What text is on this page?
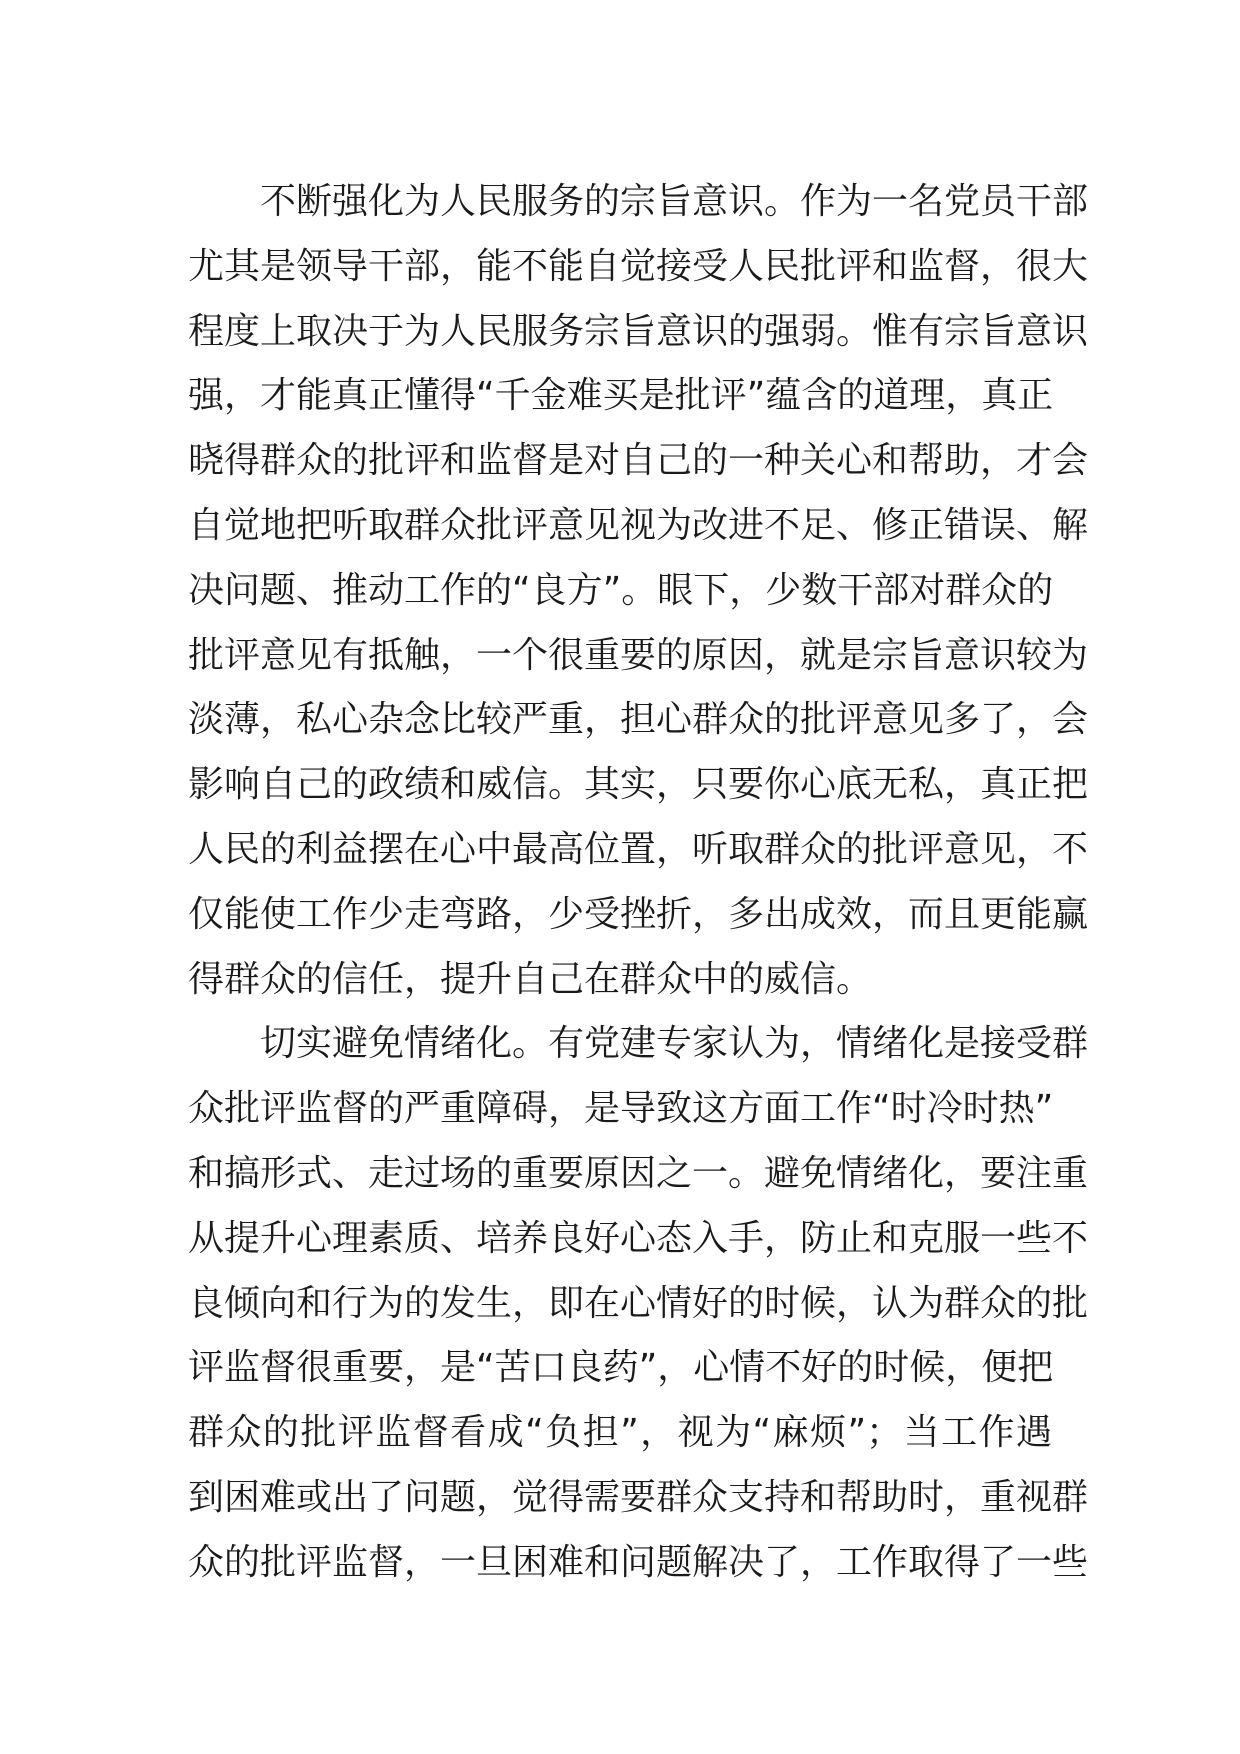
不断强化为人民服务的宗旨意识。作为一名党员干部
尤其是领导干部，能不能自觉接受人民批评和监督，很大
程度上取决于为人民服务宗旨意识的强弱。惟有宗旨意识
强，才能真正懂得“千金难买是批评”蕴含的道理，真正
晓得群众的批评和监督是对自己的一种关心和帮助，才会
自觉地把听取群众批评意见视为改进不足、修正错误、解
决问题、推动工作的“良方”。眼下，少数干部对群众的
批评意见有抵触，一个很重要的原因，就是宗旨意识较为
淡薄，私心杂念比较严重，担心群众的批评意见多了，会
影响自己的政绩和威信。其实，只要你心底无私，真正把
人民的利益摆在心中最高位置，听取群众的批评意见，不
仅能使工作少走弯路，少受挫折，多出成效，而且更能赢
得群众的信任，提升自己在群众中的威信。
切实避免情绪化。有党建专家认为，情绪化是接受群
众批评监督的严重障碍，是导致这方面工作“时冷时热”
和搞形式、走过场的重要原因之一。避免情绪化，要注重
从提升心理素质、培养良好心态入手，防止和克服一些不
良倾向和行为的发生，即在心情好的时候，认为群众的批
评监督很重要，是“苦口良药”，心情不好的时候，便把
群众的批评监督看成“负担”，视为“麻烦”；当工作遇
到困难或出了问题，觉得需要群众支持和帮助时，重视群
众的批评监督，一旦困难和问题解决了，工作取得了一些
